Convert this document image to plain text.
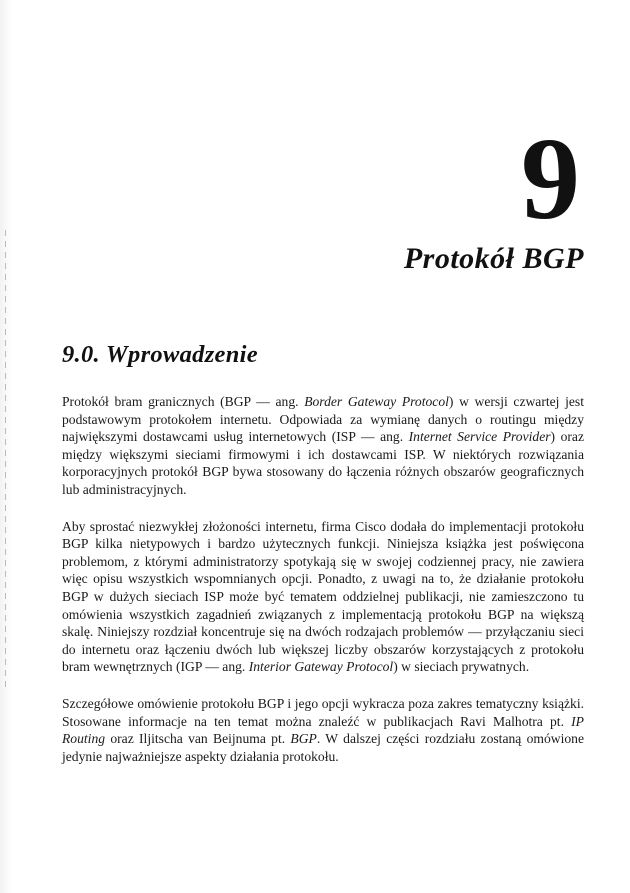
9
Protokół BGP
9.0. Wprowadzenie

Protokół bram granicznych (BGP — ang. Border Gateway Protocol) w wersji czwartej jest podstawowym protokołem internetu. Odpowiada za wymianę danych o routingu między największymi dostawcami usług internetowych (ISP — ang. Internet Service Provider) oraz między większymi sieciami firmowymi i ich dostawcami ISP. W niektórych rozwiązania korporacyjnych protokół BGP bywa stosowany do łączenia różnych obszarów geograficznych lub administracyjnych.

Aby sprostać niezwykłej złożoności internetu, firma Cisco dodała do implementacji protokołu BGP kilka nietypowych i bardzo użytecznych funkcji. Niniejsza książka jest poświęcona problemom, z którymi administratorzy spotykają się w swojej codziennej pracy, nie zawiera więc opisu wszystkich wspomnianych opcji. Ponadto, z uwagi na to, że działanie protokołu BGP w dużych sieciach ISP może być tematem oddzielnej publikacji, nie zamieszczono tu omówienia wszystkich zagadnień związanych z implementacją protokołu BGP na większą skalę. Niniejszy rozdział koncentruje się na dwóch rodzajach problemów — przyłączaniu sieci do internetu oraz łączeniu dwóch lub większej liczby obszarów korzystających z protokołu bram wewnętrznych (IGP — ang. Interior Gateway Protocol) w sieciach prywatnych.

Szczegółowe omówienie protokołu BGP i jego opcji wykracza poza zakres tematyczny książki. Stosowane informacje na ten temat można znaleźć w publikacjach Ravi Malhotra pt. IP Routing oraz Iljitscha van Beijnuma pt. BGP. W dalszej części rozdziału zostaną omówione jedynie najważniejsze aspekty działania protokołu.
